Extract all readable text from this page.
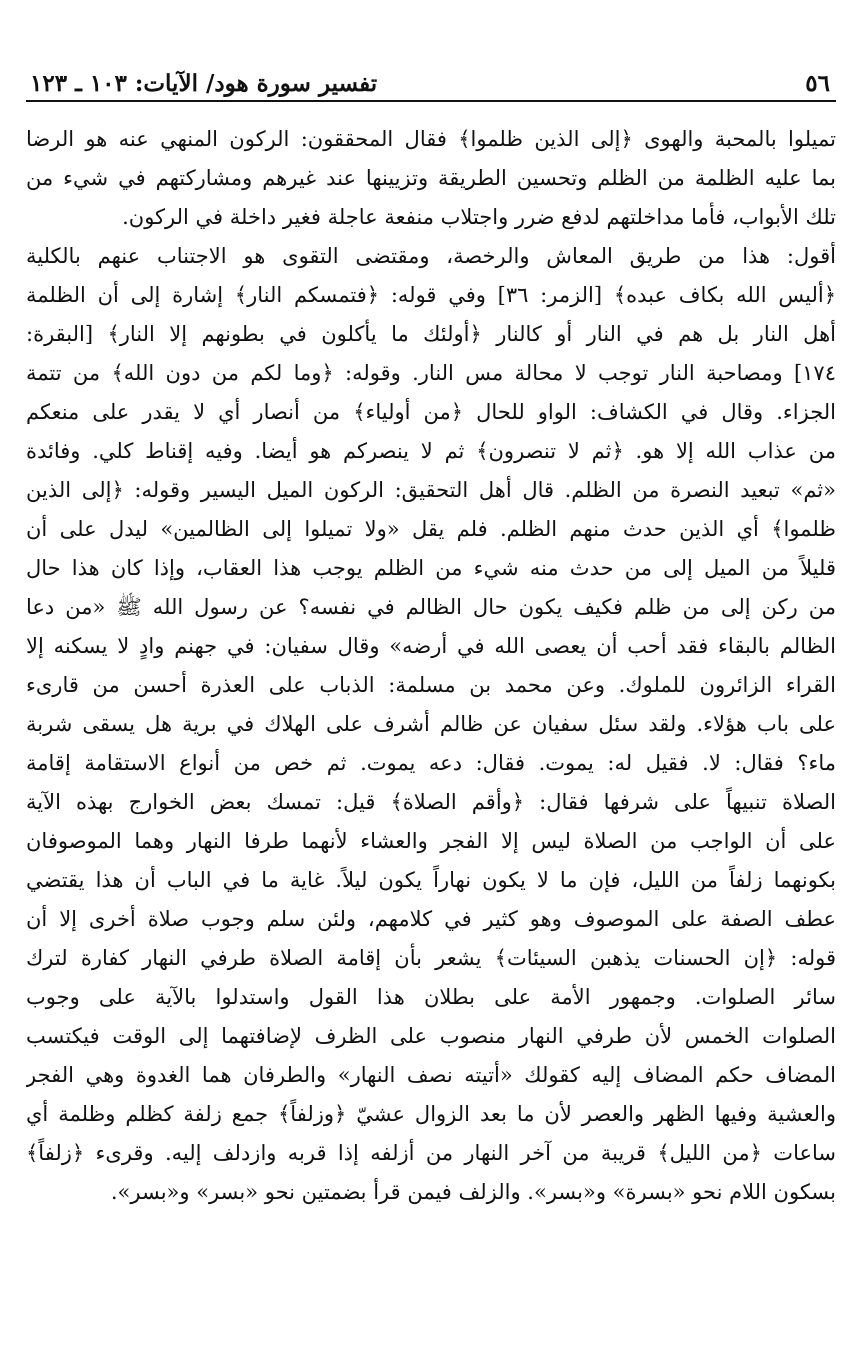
٥٦
تفسير سورة هود/ الآيات: ١٠٣ ـ ١٢٣
تميلوا بالمحبة والهوى ﴿إلى الذين ظلموا﴾ فقال المحققون: الركون المنهي عنه هو الرضا
بما عليه الظلمة من الظلم وتحسين الطريقة وتزيينها عند غيرهم ومشاركتهم في شيء من
تلك الأبواب، فأما مداخلتهم لدفع ضرر واجتلاب منفعة عاجلة فغير داخلة في الركون.
أقول: هذا من طريق المعاش والرخصة، ومقتضى التقوى هو الاجتناب عنهم بالكلية
﴿أليس الله بكاف عبده﴾ [الزمر: ٣٦] وفي قوله: ﴿فتمسكم النار﴾ إشارة إلى أن الظلمة
أهل النار بل هم في النار أو كالنار ﴿أولئك ما يأكلون في بطونهم إلا النار﴾ [البقرة:
١٧٤] ومصاحبة النار توجب لا محالة مس النار. وقوله: ﴿وما لكم من دون الله﴾ من تتمة
الجزاء. وقال في الكشاف: الواو للحال ﴿من أولياء﴾ من أنصار أي لا يقدر على منعكم
من عذاب الله إلا هو. ﴿ثم لا تنصرون﴾ ثم لا ينصركم هو أيضا. وفيه إقناط كلي. وفائدة
«ثم» تبعيد النصرة من الظلم. قال أهل التحقيق: الركون الميل اليسير وقوله: ﴿إلى الذين
ظلموا﴾ أي الذين حدث منهم الظلم. فلم يقل «ولا تميلوا إلى الظالمين» ليدل على أن
قليلاً من الميل إلى من حدث منه شيء من الظلم يوجب هذا العقاب، وإذا كان هذا حال
من ركن إلى من ظلم فكيف يكون حال الظالم في نفسه؟ عن رسول الله ﷺ «من دعا
الظالم بالبقاء فقد أحب أن يعصى الله في أرضه» وقال سفيان: في جهنم وادٍ لا يسكنه إلا
القراء الزائرون للملوك. وعن محمد بن مسلمة: الذباب على العذرة أحسن من قارىء
على باب هؤلاء. ولقد سئل سفيان عن ظالم أشرف على الهلاك في برية هل يسقى شربة
ماء؟ فقال: لا. فقيل له: يموت. فقال: دعه يموت. ثم خص من أنواع الاستقامة إقامة
الصلاة تنبيهاً على شرفها فقال: ﴿وأقم الصلاة﴾ قيل: تمسك بعض الخوارج بهذه الآية
على أن الواجب من الصلاة ليس إلا الفجر والعشاء لأنهما طرفا النهار وهما الموصوفان
بكونهما زلفاً من الليل، فإن ما لا يكون نهاراً يكون ليلاً. غاية ما في الباب أن هذا يقتضي
عطف الصفة على الموصوف وهو كثير في كلامهم، ولئن سلم وجوب صلاة أخرى إلا أن
قوله: ﴿إن الحسنات يذهبن السيئات﴾ يشعر بأن إقامة الصلاة طرفي النهار كفارة لترك
سائر الصلوات. وجمهور الأمة على بطلان هذا القول واستدلوا بالآية على وجوب
الصلوات الخمس لأن طرفي النهار منصوب على الظرف لإضافتهما إلى الوقت فيكتسب
المضاف حكم المضاف إليه كقولك «أتيته نصف النهار» والطرفان هما الغدوة وهي الفجر
والعشية وفيها الظهر والعصر لأن ما بعد الزوال عشيّ ﴿وزلفاً﴾ جمع زلفة كظلم وظلمة أي
ساعات ﴿من الليل﴾ قريبة من آخر النهار من أزلفه إذا قربه وازدلف إليه. وقرىء ﴿زلفاً﴾
بسكون اللام نحو «بسرة» و«بسر». والزلف فيمن قرأ بضمتين نحو «بسر» و«بسر».
